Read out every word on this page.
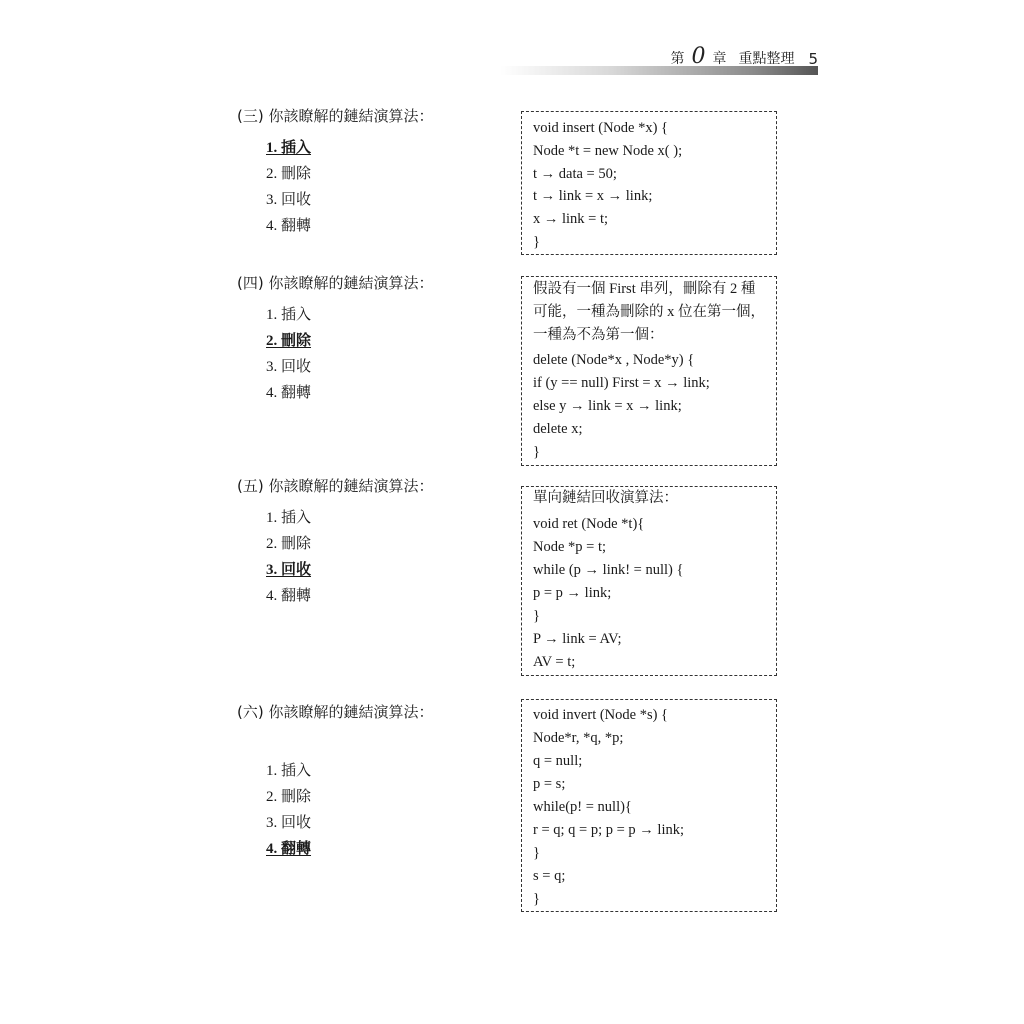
第 0 章 重點整理 5
(三) 你該瞭解的鏈結演算法：
1. 插入
2. 刪除
3. 回收
4. 翻轉
void insert (Node *x) {
Node *t = new Node x( );
t → data = 50;
t → link = x → link;
x → link = t;
}
(四) 你該瞭解的鏈結演算法：
1. 插入
2. 刪除
3. 回收
4. 翻轉
假設有一個 First 串列，刪除有 2 種
可能，一種為刪除的 x 位在第一個，
一種為不為第一個：
delete (Node*x , Node*y) {
if (y == null) First = x → link;
else y → link = x → link;
delete x;
}
(五) 你該瞭解的鏈結演算法：
1. 插入
2. 刪除
3. 回收
4. 翻轉
單向鏈結回收演算法：
void ret (Node *t){
Node *p = t;
while (p → link! = null) {
p = p → link;
}
P → link = AV;
AV = t;
(六) 你該瞭解的鏈結演算法：
1. 插入
2. 刪除
3. 回收
4. 翻轉
void invert (Node *s) {
Node*r, *q, *p;
q = null;
p = s;
while(p! = null){
r = q; q = p; p = p → link;
}
s = q;
}
